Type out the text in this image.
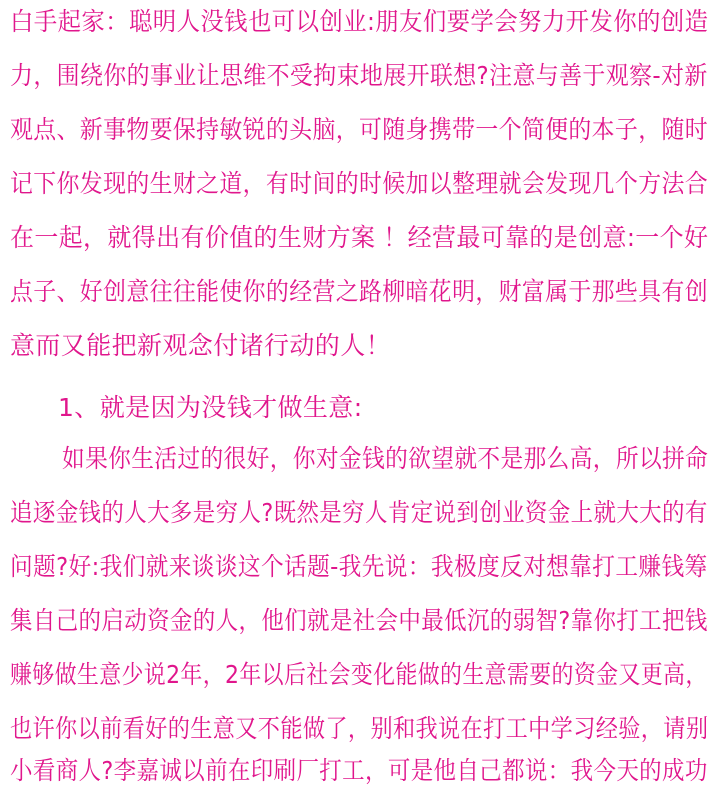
白手起家：聪明人没钱也可以创业:朋友们要学会努力开发你的创造
力，围绕你的事业让思维不受拘束地展开联想?注意与善于观察-对新
观点、新事物要保持敏锐的头脑，可随身携带一个简便的本子，随时
记下你发现的生财之道，有时间的时候加以整理就会发现几个方法合
在一起，就得出有价值的生财方案 ！经营最可靠的是创意:一个好
点子、好创意往往能使你的经营之路柳暗花明，财富属于那些具有创
意而又能把新观念付诸行动的人！
1、就是因为没钱才做生意:
如果你生活过的很好，你对金钱的欲望就不是那么高，所以拼命
追逐金钱的人大多是穷人?既然是穷人肯定说到创业资金上就大大的有
问题?好:我们就来谈谈这个话题-我先说：我极度反对想靠打工赚钱筹
集自己的启动资金的人，他们就是社会中最低沉的弱智?靠你打工把钱
赚够做生意少说2年，2年以后社会变化能做的生意需要的资金又更高，
也许你以前看好的生意又不能做了，别和我说在打工中学习经验，请别
小看商人?李嘉诚以前在印刷厂打工，可是他自己都说：我今天的成功
